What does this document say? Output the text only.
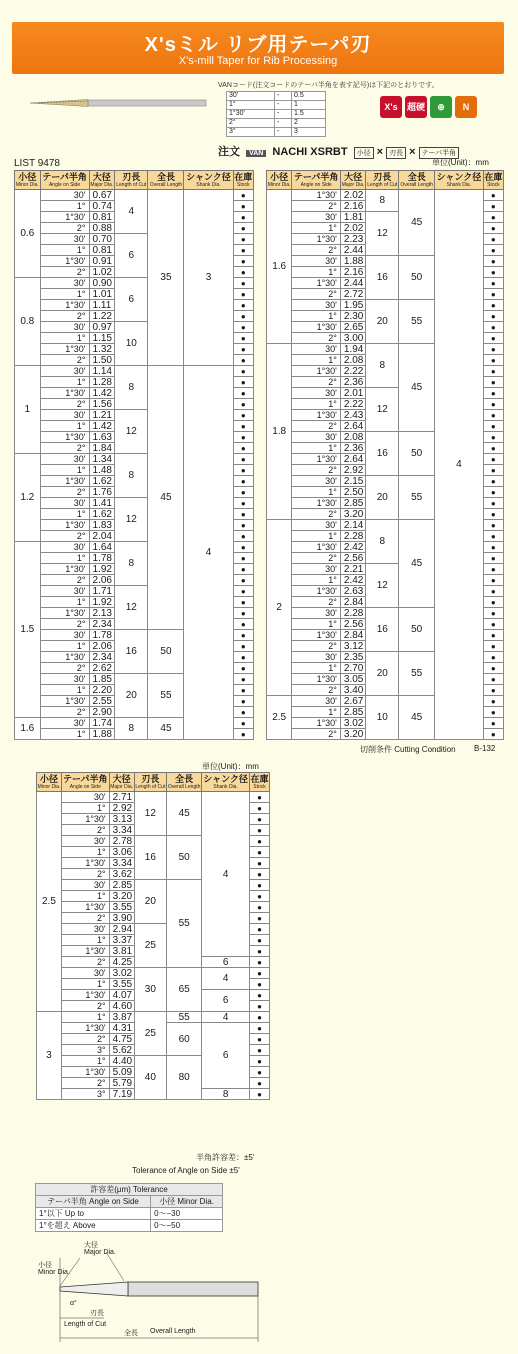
X'sミル リブ用テーパ刃
X's-mill Taper for Rib Processing
VANコード(注文コードのテーパ半角を表す記号)は下記のとおりです。
30'	-	0.5
1°	-	1
1°30'	-	1.5
2°	-	2
3°	-	3
X's	超硬	⊕	N
注文 VAN NACHI XSRBT 小径 × 刃長 × テーパ半角
LIST 9478	単位(Unit)：mm
小径
Minor Dia.	テーパ半角
Angle on Side	大径
Major Dia.	刃長
Length of Cut	全長
Overall Length	シャンク径
Shank Dia.	在庫
Stock

0.6	30'	0.67	4	35	3	●
	1°	0.74				●
	1°30'	0.81				●
	2°	0.88				●
	30'	0.70	6			●
	1°	0.81				●
	1°30'	0.91				●
	2°	1.02				●
0.8	30'	0.90	6			●
	1°	1.01				●
	1°30'	1.11				●
	2°	1.22				●
	30'	0.97	10			●
	1°	1.15				●
	1°30'	1.32				●
	2°	1.50				●
1	30'	1.14	8	45	4	●
	1°	1.28				●
	1°30'	1.42				●
	2°	1.56				●
	30'	1.21	12			●
	1°	1.42				●
	1°30'	1.63				●
	2°	1.84				●
1.2	30'	1.34	8			●
	1°	1.48				●
	1°30'	1.62				●
	2°	1.76				●
	30'	1.41	12			●
	1°	1.62				●
	1°30'	1.83				●
	2°	2.04				●
1.5	30'	1.64	8			●
	1°	1.78				●
	1°30'	1.92				●
	2°	2.06				●
	30'	1.71	12			●
	1°	1.92				●
	1°30'	2.13				●
	2°	2.34				●
	30'	1.78	16	50		●
	1°	2.06				●
	1°30'	2.34				●
	2°	2.62				●
	30'	1.85	20	55		●
	1°	2.20				●
	1°30'	2.55				●
	2°	2.90				●
1.6	30'	1.74	8	45		●
	1°	1.88				●
小径
Minor Dia.	テーパ半角
Angle on Side	大径
Major Dia.	刃長
Length of Cut	全長
Overall Length	シャンク径
Shank Dia.	在庫
Stock

1.6	1°30'	2.02	8	45	4	●
	2°	2.16				●
	30'	1.81	12			●
	1°	2.02				●
	1°30'	2.23				●
	2°	2.44				●
	30'	1.88	16	50		●
	1°	2.16				●
	1°30'	2.44				●
	2°	2.72				●
	30'	1.95	20	55		●
	1°	2.30				●
	1°30'	2.65				●
	2°	3.00				●
1.8	30'	1.94	8	45		●
	1°	2.08				●
	1°30'	2.22				●
	2°	2.36				●
	30'	2.01	12			●
	1°	2.22				●
	1°30'	2.43				●
	2°	2.64				●
	30'	2.08	16	50		●
	1°	2.36				●
	1°30'	2.64				●
	2°	2.92				●
	30'	2.15	20	55		●
	1°	2.50				●
	1°30'	2.85				●
	2°	3.20				●
2	30'	2.14	8	45		●
	1°	2.28				●
	1°30'	2.42				●
	2°	2.56				●
	30'	2.21	12			●
	1°	2.42				●
	1°30'	2.63				●
	2°	2.84				●
	30'	2.28	16	50		●
	1°	2.56				●
	1°30'	2.84				●
	2°	3.12				●
	30'	2.35	20	55		●
	1°	2.70				●
	1°30'	3.05				●
	2°	3.40				●
2.5	30'	2.67	10	45		●
	1°	2.85				●
	1°30'	3.02				●
	2°	3.20				●
切削条件 Cutting Condition B-132
単位(Unit)：mm
小径
Minor Dia.	テーパ半角
Angle on Side	大径
Major Dia.	刃長
Length of Cut	全長
Overall Length	シャンク径
Shank Dia.	在庫
Stock

2.5	30'	2.71	12	45	4	●
	1°	2.92				●
	1°30'	3.13				●
	2°	3.34				●
	30'	2.78	16	50		●
	1°	3.06				●
	1°30'	3.34				●
	2°	3.62				●
	30'	2.85	20	55		●
	1°	3.20				●
	1°30'	3.55				●
	2°	3.90				●
	30'	2.94	25			●
	1°	3.37				●
	1°30'	3.81				●
	2°	4.25			6	●
	30'	3.02	30	65	4	●
	1°	3.55				●
	1°30'	4.07			6	●
	2°	4.60				●
3	1°	3.87	25	55	4	●
	1°30'	4.31		60	6	●
	2°	4.75				●
	3°	5.62				●
	1°	4.40	40	80		●
	1°30'	5.09				●
	2°	5.79				●
	3°	7.19			8	●
半角許容差：±5'
Tolerance of Angle on Side ±5'
許容差(μm) Tolerance	
テーパ半角 Angle on Side	小径 Minor Dia.
1°以下 Up to	0〜−30
1°を超え Above	0〜−50
大径
Major Dia.
小径
Minor Dia.
α°
刃長
Length of Cut
全長 Overall Length
